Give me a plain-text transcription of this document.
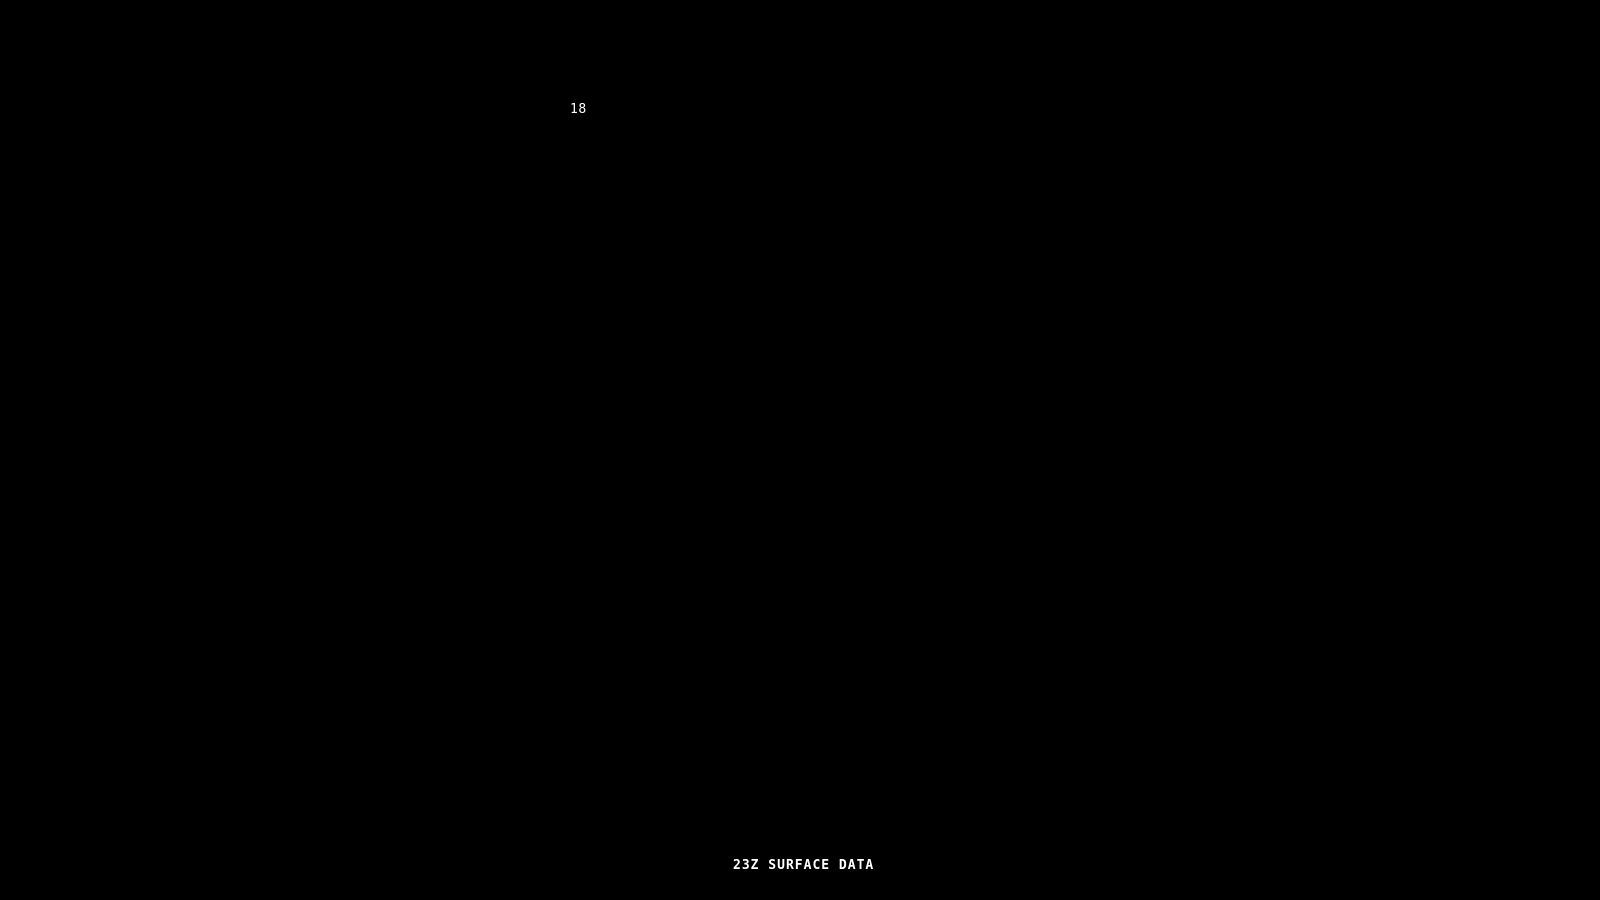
18
23Z SURFACE DATA
